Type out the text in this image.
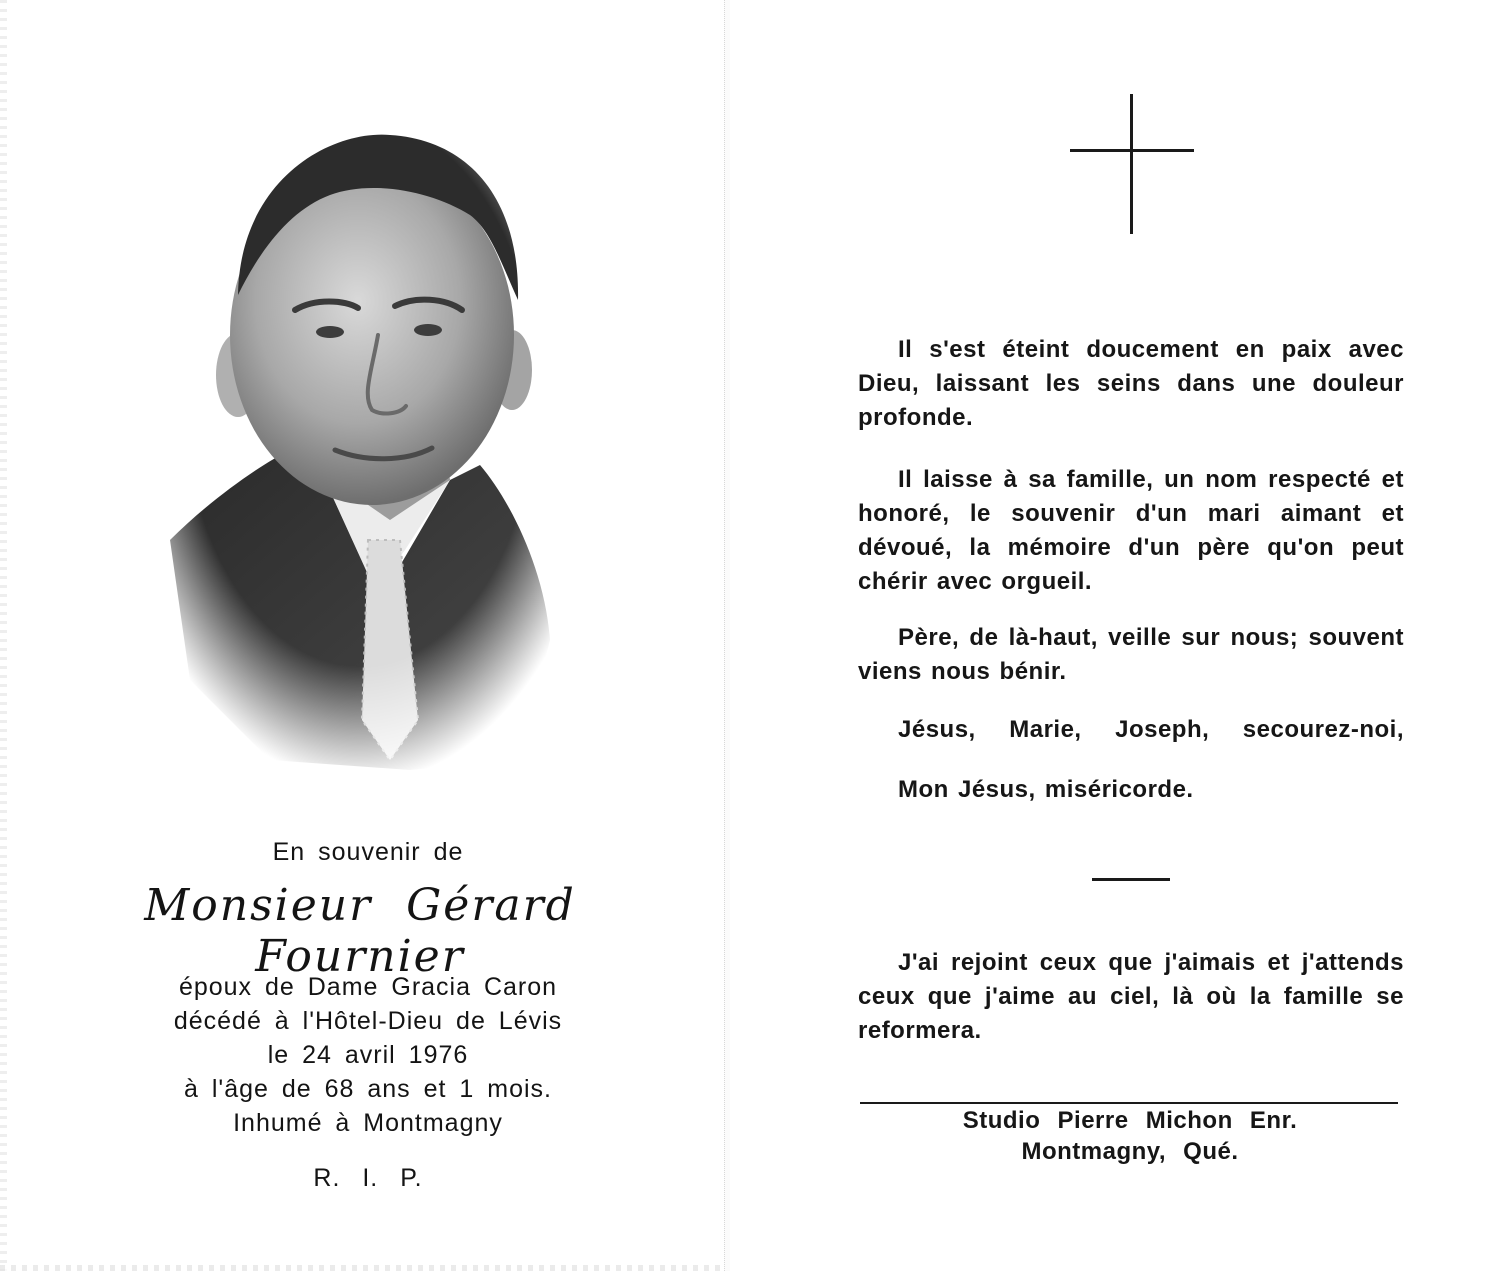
En souvenir de
Monsieur Gérard Fournier
époux de Dame Gracia Caron
décédé à l'Hôtel-Dieu de Lévis
le 24 avril 1976
à l'âge de 68 ans et 1 mois.
Inhumé à Montmagny
R. I. P.

Il s'est éteint doucement en paix avec Dieu, laissant les seins dans une douleur profonde.

Il laisse à sa famille, un nom respecté et honoré, le souvenir d'un mari aimant et dévoué, la mémoire d'un père qu'on peut chérir avec orgueil.

Père, de là-haut, veille sur nous; souvent viens nous bénir.

Jésus, Marie, Joseph, secourez-noi,

Mon Jésus, miséricorde.

J'ai rejoint ceux que j'aimais et j'attends ceux que j'aime au ciel, là où la famille se reformera.

Studio Pierre Michon Enr.
Montmagny, Qué.
